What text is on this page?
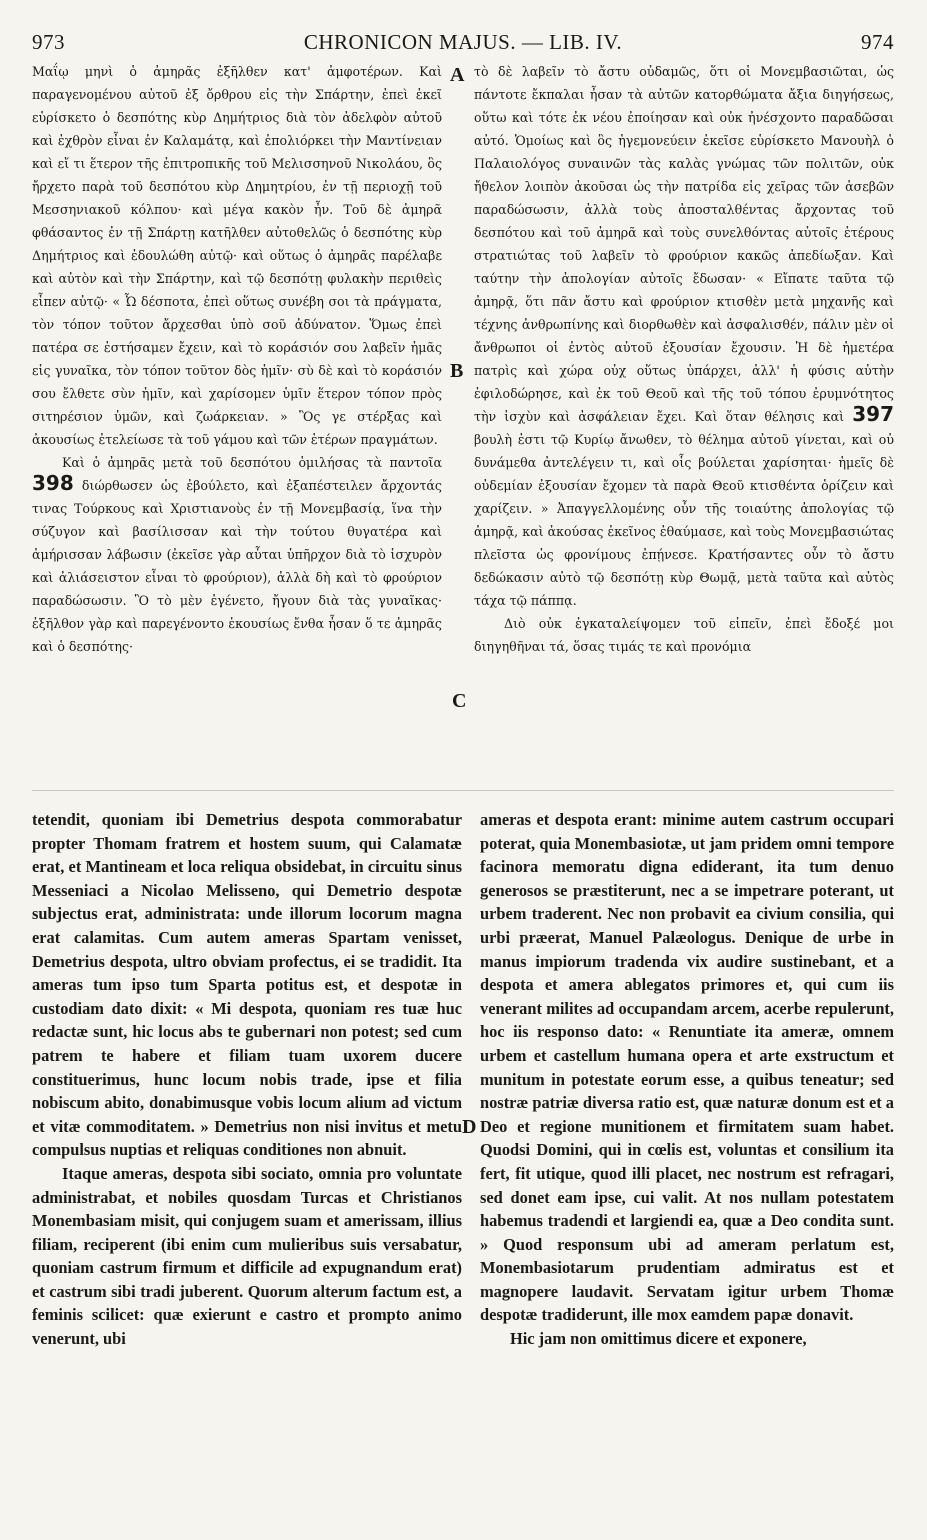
973	CHRONICON MAJUS. — LIB. IV.	974
A
B
C
D

Μαΐῳ μηνὶ ὁ ἀμηρᾶς ἐξῆλθεν κατ' ἀμφοτέρων. Καὶ παραγενομένου αὐτοῦ ἐξ ὄρθρου εἰς τὴν Σπάρτην, ἐπεὶ ἐκεῖ εὑρίσκετο ὁ δεσπότης κὺρ Δημήτριος διὰ τὸν ἀδελφὸν αὐτοῦ καὶ ἐχθρὸν εἶναι ἐν Καλαμάτᾳ, καὶ ἐπολιόρκει τὴν Μαντίνειαν καὶ εἴ τι ἕτερον τῆς ἐπιτροπικῆς τοῦ Μελισσηνοῦ Νικολάου, ὃς ἤρχετο παρὰ τοῦ δεσπότου κὺρ Δημητρίου, ἐν τῇ περιοχῇ τοῦ Μεσσηνιακοῦ κόλπου· καὶ μέγα κακὸν ἦν. Τοῦ δὲ ἀμηρᾶ φθάσαντος ἐν τῇ Σπάρτῃ κατῆλθεν αὐτοθελῶς ὁ δεσπότης κὺρ Δημήτριος καὶ ἐδουλώθη αὐτῷ· καὶ οὕτως ὁ ἀμηρᾶς παρέλαβε καὶ αὐτὸν καὶ τὴν Σπάρτην, καὶ τῷ δεσπότῃ φυλακὴν περιθεὶς εἶπεν αὐτῷ· « Ὦ δέσποτα, ἐπεὶ οὕτως συνέβη σοι τὰ πράγματα, τὸν τόπον τοῦτον ἄρχεσθαι ὑπὸ σοῦ ἀδύνατον. Ὅμως ἐπεὶ πατέρα σε ἐστήσαμεν ἔχειν, καὶ τὸ κοράσιόν σου λαβεῖν ἡμᾶς εἰς γυναῖκα, τὸν τόπον τοῦτον δὸς ἡμῖν· σὺ δὲ καὶ τὸ κοράσιόν σου ἔλθετε σὺν ἡμῖν, καὶ χαρίσομεν ὑμῖν ἕτερον τόπον πρὸς σιτηρέσιον ὑμῶν, καὶ ζωάρκειαν. » Ὃς γε στέρξας καὶ ἀκουσίως ἐτελείωσε τὰ τοῦ γάμου καὶ τῶν ἑτέρων πραγμάτων.

Καὶ ὁ ἀμηρᾶς μετὰ τοῦ δεσπότου ὁμιλήσας τὰ παντοῖα 398 διώρθωσεν ὡς ἐβούλετο, καὶ ἐξαπέστειλεν ἄρχοντάς τινας Τούρκους καὶ Χριστιανοὺς ἐν τῇ Μονεμβασίᾳ, ἵνα τὴν σύζυγον καὶ βασίλισσαν καὶ τὴν τούτου θυγατέρα καὶ ἀμήρισσαν λάβωσιν (ἐκεῖσε γὰρ αὗται ὑπῆρχον διὰ τὸ ἰσχυρὸν καὶ ἀλιάσειστον εἶναι τὸ φρούριον), ἀλλὰ δὴ καὶ τὸ φρούριον παραδώσωσιν. Ὃ τὸ μὲν ἐγένετο, ἤγουν διὰ τὰς γυναῖκας· ἐξῆλθον γὰρ καὶ παρεγένοντο ἑκουσίως ἔνθα ἦσαν ὅ τε ἀμηρᾶς καὶ ὁ δεσπότης·

τὸ δὲ λαβεῖν τὸ ἄστυ οὐδαμῶς, ὅτι οἱ Μονεμβασιῶται, ὡς πάντοτε ἔκπαλαι ἦσαν τὰ αὐτῶν κατορθώματα ἄξια διηγήσεως, οὕτω καὶ τότε ἐκ νέου ἐποίησαν καὶ οὐκ ἠνέσχοντο παραδῶσαι αὐτό. Ὁμοίως καὶ ὃς ἡγεμονεύειν ἐκεῖσε εὑρίσκετο Μανουὴλ ὁ Παλαιολόγος συναινῶν τὰς καλὰς γνώμας τῶν πολιτῶν, οὐκ ἤθελον λοιπὸν ἀκοῦσαι ὡς τὴν πατρίδα εἰς χεῖρας τῶν ἀσεβῶν παραδώσωσιν, ἀλλὰ τοὺς ἀποσταλθέντας ἄρχοντας τοῦ δεσπότου καὶ τοῦ ἀμηρᾶ καὶ τοὺς συνελθόντας αὐτοῖς ἑτέρους στρατιώτας τοῦ λαβεῖν τὸ φρούριον κακῶς ἀπεδίωξαν. Καὶ ταύτην τὴν ἀπολογίαν αὐτοῖς ἔδωσαν· « Εἴπατε ταῦτα τῷ ἀμηρᾷ, ὅτι πᾶν ἄστυ καὶ φρούριον κτισθὲν μετὰ μηχανῆς καὶ τέχνης ἀνθρωπίνης καὶ διορθωθὲν καὶ ἀσφαλισθέν, πάλιν μὲν οἱ ἄνθρωποι οἱ ἐντὸς αὐτοῦ ἐξουσίαν ἔχουσιν. Ἡ δὲ ἡμετέρα πατρὶς καὶ χώρα οὐχ οὕτως ὑπάρχει, ἀλλ' ἡ φύσις αὐτὴν ἐφιλοδώρησε, καὶ ἐκ τοῦ Θεοῦ καὶ τῆς τοῦ τόπου ἐρυμνότητος τὴν ἰσχὺν καὶ ἀσφάλειαν ἔχει. Καὶ ὅταν θέλησις καὶ 397 βουλὴ ἐστι τῷ Κυρίῳ ἄνωθεν, τὸ θέλημα αὐτοῦ γίνεται, καὶ οὐ δυνάμεθα ἀντελέγειν τι, καὶ οἷς βούλεται χαρίσηται· ἡμεῖς δὲ οὐδεμίαν ἐξουσίαν ἔχομεν τὰ παρὰ Θεοῦ κτισθέντα ὁρίζειν καὶ χαρίζειν. » Ἀπαγγελλομένης οὖν τῆς τοιαύτης ἀπολογίας τῷ ἀμηρᾷ, καὶ ἀκούσας ἐκεῖνος ἐθαύμασε, καὶ τοὺς Μονεμβασιώτας πλεῖστα ὡς φρονίμους ἐπῄνεσε. Κρατήσαντες οὖν τὸ ἄστυ δεδώκασιν αὐτὸ τῷ δεσπότῃ κὺρ Θωμᾷ, μετὰ ταῦτα καὶ αὐτὸς τάχα τῷ πάππᾳ.

Διὸ οὐκ ἐγκαταλείψομεν τοῦ εἰπεῖν, ἐπεὶ ἔδοξέ μοι διηγηθῆναι τά, ὅσας τιμάς τε καὶ προνόμια

tetendit, quoniam ibi Demetrius despota commorabatur propter Thomam fratrem et hostem suum, qui Calamatæ erat, et Mantineam et loca reliqua obsidebat, in circuitu sinus Messeniaci a Nicolao Melisseno, qui Demetrio despotæ subjectus erat, administrata: unde illorum locorum magna erat calamitas. Cum autem ameras Spartam venisset, Demetrius despota, ultro obviam profectus, ei se tradidit. Ita ameras tum ipso tum Sparta potitus est, et despotæ in custodiam dato dixit: « Mi despota, quoniam res tuæ huc redactæ sunt, hic locus abs te gubernari non potest; sed cum patrem te habere et filiam tuam uxorem ducere constituerimus, hunc locum nobis trade, ipse et filia nobiscum abito, donabimusque vobis locum alium ad victum et vitæ commoditatem. » Demetrius non nisi invitus et metu compulsus nuptias et reliquas conditiones non abnuit.

Itaque ameras, despota sibi sociato, omnia pro voluntate administrabat, et nobiles quosdam Turcas et Christianos Monembasiam misit, qui conjugem suam et amerissam, illius filiam, reciperent (ibi enim cum mulieribus suis versabatur, quoniam castrum firmum et difficile ad expugnandum erat) et castrum sibi tradi juberent. Quorum alterum factum est, a feminis scilicet: quæ exierunt e castro et prompto animo venerunt, ubi

ameras et despota erant: minime autem castrum occupari poterat, quia Monembasiotæ, ut jam pridem omni tempore facinora memoratu digna ediderant, ita tum denuo generosos se præstiterunt, nec a se impetrare poterant, ut urbem traderent. Nec non probavit ea civium consilia, qui urbi præerat, Manuel Palæologus. Denique de urbe in manus impiorum tradenda vix audire sustinebant, et a despota et amera ablegatos primores et, qui cum iis venerant milites ad occupandam arcem, acerbe repulerunt, hoc iis responso dato: « Renuntiate ita ameræ, omnem urbem et castellum humana opera et arte exstructum et munitum in potestate eorum esse, a quibus teneatur; sed nostræ patriæ diversa ratio est, quæ naturæ donum est et a Deo et regione munitionem et firmitatem suam habet. Quodsi Domini, qui in cœlis est, voluntas et consilium ita fert, fit utique, quod illi placet, nec nostrum est refragari, sed donet eam ipse, cui valit. At nos nullam potestatem habemus tradendi et largiendi ea, quæ a Deo condita sunt. » Quod responsum ubi ad ameram perlatum est, Monembasiotarum prudentiam admiratus est et magnopere laudavit. Servatam igitur urbem Thomæ despotæ tradiderunt, ille mox eamdem papæ donavit.

Hic jam non omittimus dicere et exponere,
